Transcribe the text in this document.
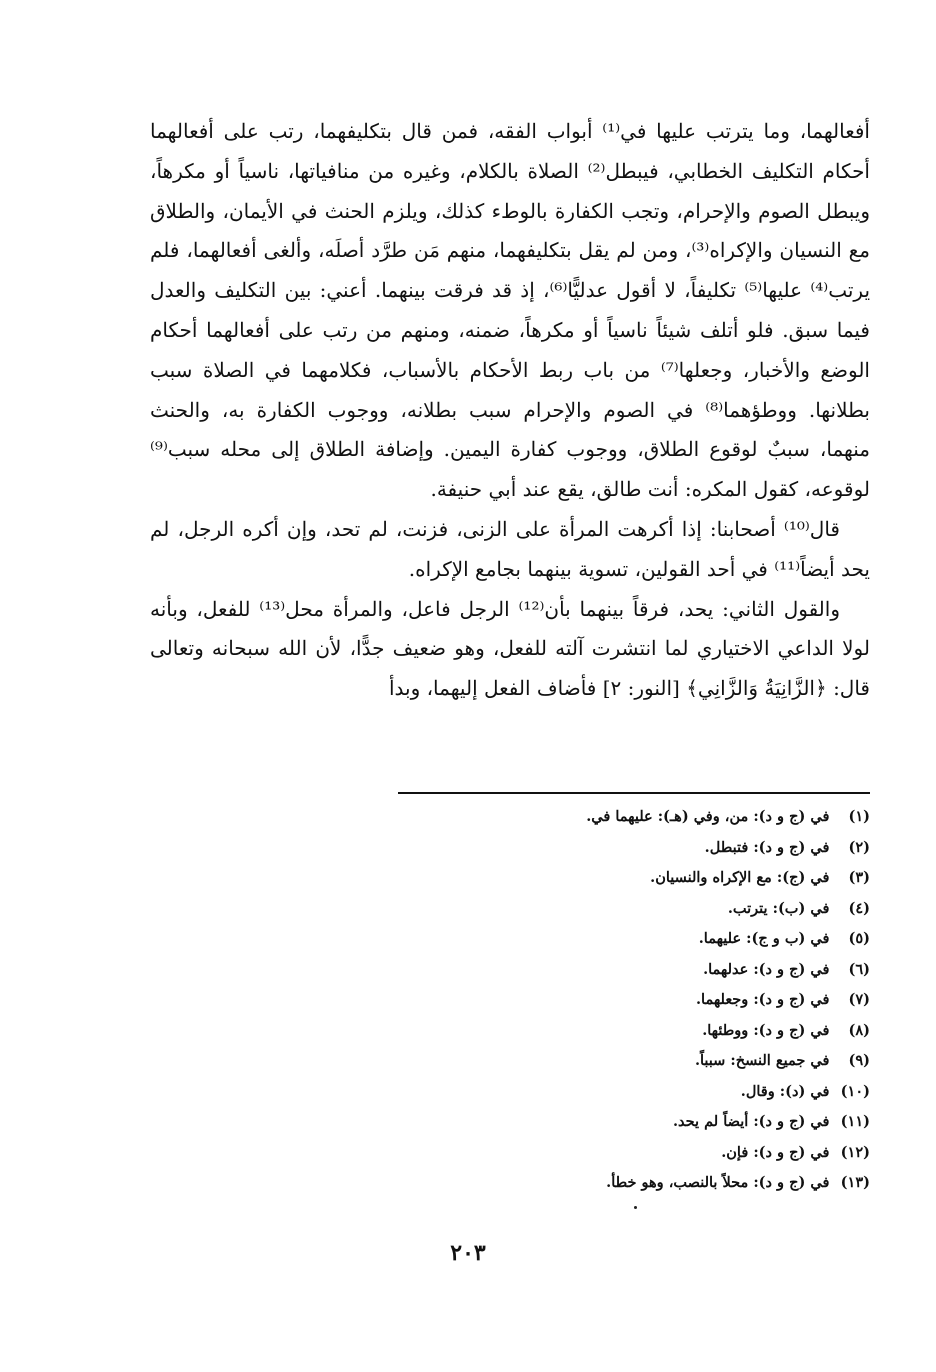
أفعالهما، وما يترتب عليها في⁽¹⁾ أبواب الفقه، فمن قال بتكليفهما، رتب على أفعالهما أحكام التكليف الخطابي، فيبطل⁽²⁾ الصلاة بالكلام، وغيره من منافياتها، ناسياً أو مكرهاً، ويبطل الصوم والإحرام، وتجب الكفارة بالوطء كذلك، ويلزم الحنث في الأيمان، والطلاق مع النسيان والإكراه⁽³⁾، ومن لم يقل بتكليفهما، منهم مَن طرَّد أصلَه، وألغى أفعالهما، فلم يرتب⁽⁴⁾ عليها⁽⁵⁾ تكليفاً، لا أقول عدليًّا⁽⁶⁾، إذ قد فرقت بينهما. أعني: بين التكليف والعدل فيما سبق. فلو أتلف شيئاً ناسياً أو مكرهاً، ضمنه، ومنهم من رتب على أفعالهما أحكام الوضع والأخبار، وجعلها⁽⁷⁾ من باب ربط الأحكام بالأسباب، فكلامهما في الصلاة سبب بطلانها. ووطؤهما⁽⁸⁾ في الصوم والإحرام سبب بطلانه، ووجوب الكفارة به، والحنث منهما، سببٌ لوقوع الطلاق، ووجوب كفارة اليمين. وإضافة الطلاق إلى محله سبب⁽⁹⁾ لوقوعه، كقول المكره: أنت طالق، يقع عند أبي حنيفة.

قال⁽¹⁰⁾ أصحابنا: إذا أكرهت المرأة على الزنى، فزنت، لم تحد، وإن أكره الرجل، لم يحد أيضاً⁽¹¹⁾ في أحد القولين، تسوية بينهما بجامع الإكراه.

والقول الثاني: يحد، فرقاً بينهما بأن⁽¹²⁾ الرجل فاعل، والمرأة محل⁽¹³⁾ للفعل، وبأنه لولا الداعي الاختياري لما انتشرت آلته للفعل، وهو ضعيف جدًّا، لأن الله سبحانه وتعالى قال: ﴿الزَّانِيَةُ وَالزَّانِي﴾ [النور: ٢] فأضاف الفعل إليهما، وبدأ

(١) في (ج و د): من، وفي (هـ): عليهما في.
(٢) في (ج و د): فتبطل.
(٣) في (ج): مع الإكراه والنسيان.
(٤) في (ب): يترتب.
(٥) في (ب و ج): عليهما.
(٦) في (ج و د): عدلهما.
(٧) في (ج و د): وجعلهما.
(٨) في (ج و د): ووطئها.
(٩) في جميع النسخ: سبباً.
(١٠) في (د): وقال.
(١١) في (ج و د): أيضاً لم يحد.
(١٢) في (ج و د): فإن.
(١٣) في (ج و د): محلاً بالنصب، وهو خطأ.
٢٠٣
